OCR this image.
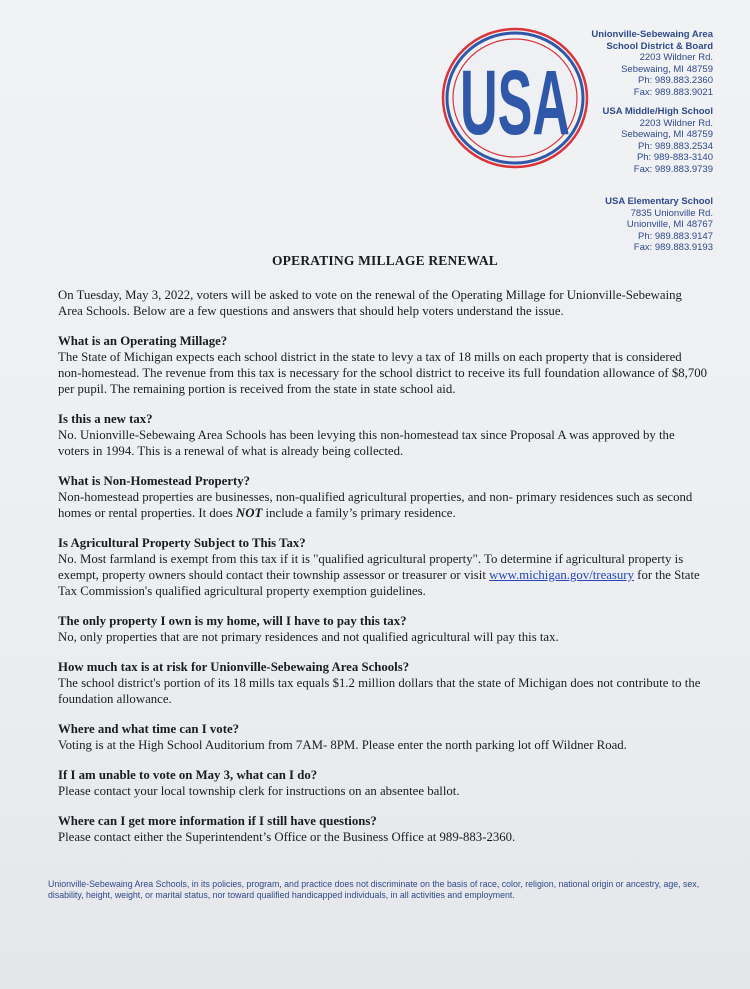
USA
Unionville-Sebewaing Area
School District & Board
2203 Wildner Rd.
Sebewaing, MI 48759
Ph: 989.883.2360
Fax: 989.883.9021
USA Middle/High School
2203 Wildner Rd.
Sebewaing, MI 48759
Ph: 989.883.2534
Ph: 989-883-3140
Fax: 989.883.9739
USA Elementary School
7835 Unionville Rd.
Unionville, MI 48767
Ph: 989.883.9147
Fax: 989.883.9193
OPERATING MILLAGE RENEWAL

On Tuesday, May 3, 2022, voters will be asked to vote on the renewal of the Operating Millage for Unionville-Sebewaing Area Schools. Below are a few questions and answers that should help voters understand the issue.

What is an Operating Millage?
The State of Michigan expects each school district in the state to levy a tax of 18 mills on each property that is considered non-homestead. The revenue from this tax is necessary for the school district to receive its full foundation allowance of $8,700 per pupil. The remaining portion is received from the state in state school aid.
Is this a new tax?
No. Unionville-Sebewaing Area Schools has been levying this non-homestead tax since Proposal A was approved by the voters in 1994. This is a renewal of what is already being collected.
What is Non-Homestead Property?
Non-homestead properties are businesses, non-qualified agricultural properties, and non- primary residences such as second homes or rental properties. It does NOT include a family’s primary residence.
Is Agricultural Property Subject to This Tax?
No. Most farmland is exempt from this tax if it is "qualified agricultural property". To determine if agricultural property is exempt, property owners should contact their township assessor or treasurer or visit www.michigan.gov/treasury for the State Tax Commission's qualified agricultural property exemption guidelines.
The only property I own is my home, will I have to pay this tax?
No, only properties that are not primary residences and not qualified agricultural will pay this tax.
How much tax is at risk for Unionville-Sebewaing Area Schools?
The school district's portion of its 18 mills tax equals $1.2 million dollars that the state of Michigan does not contribute to the foundation allowance.
Where and what time can I vote?
Voting is at the High School Auditorium from 7AM- 8PM. Please enter the north parking lot off Wildner Road.
If I am unable to vote on May 3, what can I do?
Please contact your local township clerk for instructions on an absentee ballot.
Where can I get more information if I still have questions?
Please contact either the Superintendent’s Office or the Business Office at 989-883-2360.
Unionville-Sebewaing Area Schools, in its policies, program, and practice does not discriminate on the basis of race, color, religion, national origin or ancestry, age, sex, disability, height, weight, or marital status, nor toward qualified handicapped individuals, in all activities and employment.
